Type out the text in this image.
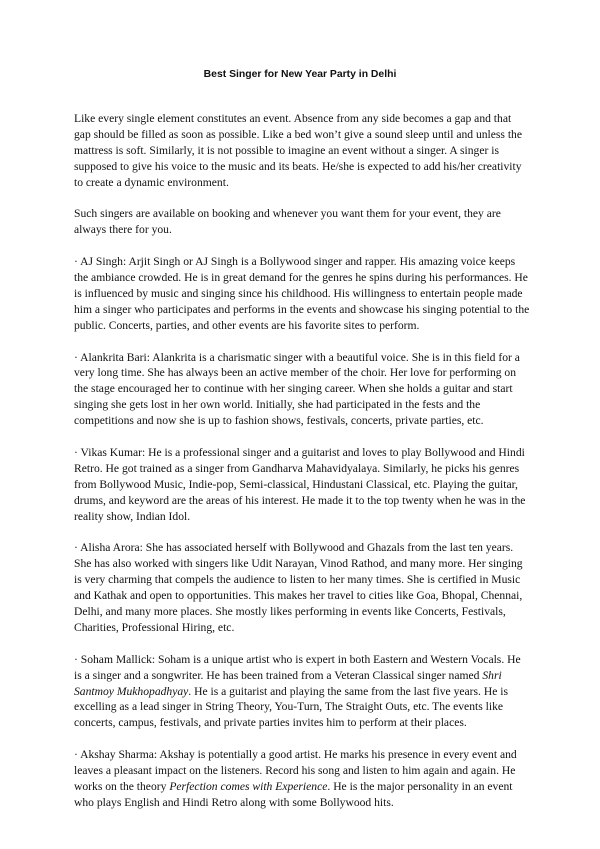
Best Singer for New Year Party in Delhi

Like every single element constitutes an event. Absence from any side becomes a gap and that gap should be filled as soon as possible. Like a bed won’t give a sound sleep until and unless the mattress is soft. Similarly, it is not possible to imagine an event without a singer. A singer is supposed to give his voice to the music and its beats. He/she is expected to add his/her creativity to create a dynamic environment.

Such singers are available on booking and whenever you want them for your event, they are always there for you.

· AJ Singh: Arjit Singh or AJ Singh is a Bollywood singer and rapper. His amazing voice keeps the ambiance crowded. He is in great demand for the genres he spins during his performances. He is influenced by music and singing since his childhood. His willingness to entertain people made him a singer who participates and performs in the events and showcase his singing potential to the public. Concerts, parties, and other events are his favorite sites to perform.

· Alankrita Bari: Alankrita is a charismatic singer with a beautiful voice. She is in this field for a very long time. She has always been an active member of the choir. Her love for performing on the stage encouraged her to continue with her singing career. When she holds a guitar and start singing she gets lost in her own world. Initially, she had participated in the fests and the competitions and now she is up to fashion shows, festivals, concerts, private parties, etc.

· Vikas Kumar: He is a professional singer and a guitarist and loves to play Bollywood and Hindi Retro. He got trained as a singer from Gandharva Mahavidyalaya. Similarly, he picks his genres from Bollywood Music, Indie-pop, Semi-classical, Hindustani Classical, etc. Playing the guitar, drums, and keyword are the areas of his interest. He made it to the top twenty when he was in the reality show, Indian Idol.

· Alisha Arora: She has associated herself with Bollywood and Ghazals from the last ten years. She has also worked with singers like Udit Narayan, Vinod Rathod, and many more. Her singing is very charming that compels the audience to listen to her many times. She is certified in Music and Kathak and open to opportunities. This makes her travel to cities like Goa, Bhopal, Chennai, Delhi, and many more places. She mostly likes performing in events like Concerts, Festivals, Charities, Professional Hiring, etc.

· Soham Mallick: Soham is a unique artist who is expert in both Eastern and Western Vocals. He is a singer and a songwriter. He has been trained from a Veteran Classical singer named Shri Santmoy Mukhopadhyay. He is a guitarist and playing the same from the last five years. He is excelling as a lead singer in String Theory, You-Turn, The Straight Outs, etc. The events like concerts, campus, festivals, and private parties invites him to perform at their places.

· Akshay Sharma: Akshay is potentially a good artist. He marks his presence in every event and leaves a pleasant impact on the listeners. Record his song and listen to him again and again. He works on the theory Perfection comes with Experience. He is the major personality in an event who plays English and Hindi Retro along with some Bollywood hits.
